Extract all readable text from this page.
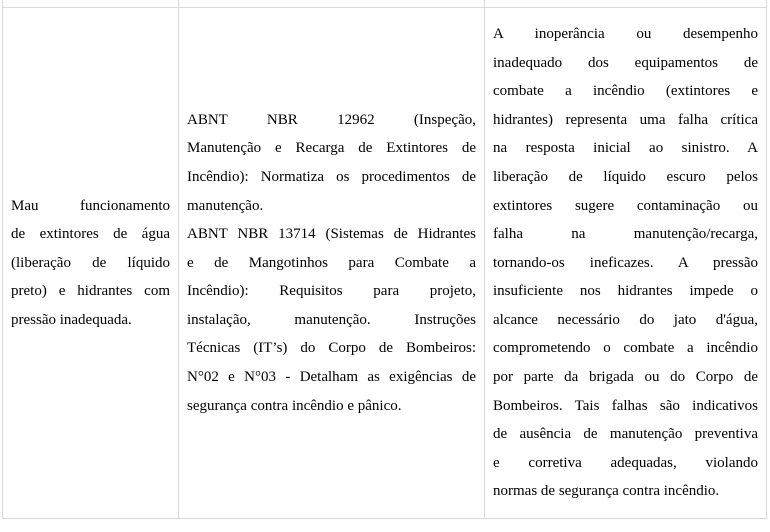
Mau funcionamento
de extintores de água
(liberação de líquido
preto) e hidrantes com
pressão inadequada.

ABNT NBR 12962 (Inspeção,
Manutenção e Recarga de Extintores de
Incêndio): Normatiza os procedimentos de
manutenção.
ABNT NBR 13714 (Sistemas de Hidrantes
e de Mangotinhos para Combate a
Incêndio): Requisitos para projeto,
instalação, manutenção. Instruções
Técnicas (IT’s) do Corpo de Bombeiros:
N°02 e N°03 - Detalham as exigências de
segurança contra incêndio e pânico.

A inoperância ou desempenho
inadequado dos equipamentos de
combate a incêndio (extintores e
hidrantes) representa uma falha crítica
na resposta inicial ao sinistro. A
liberação de líquido escuro pelos
extintores sugere contaminação ou
falha na manutenção/recarga,
tornando-os ineficazes. A pressão
insuficiente nos hidrantes impede o
alcance necessário do jato d'água,
comprometendo o combate a incêndio
por parte da brigada ou do Corpo de
Bombeiros. Tais falhas são indicativos
de ausência de manutenção preventiva
e corretiva adequadas, violando
normas de segurança contra incêndio.
